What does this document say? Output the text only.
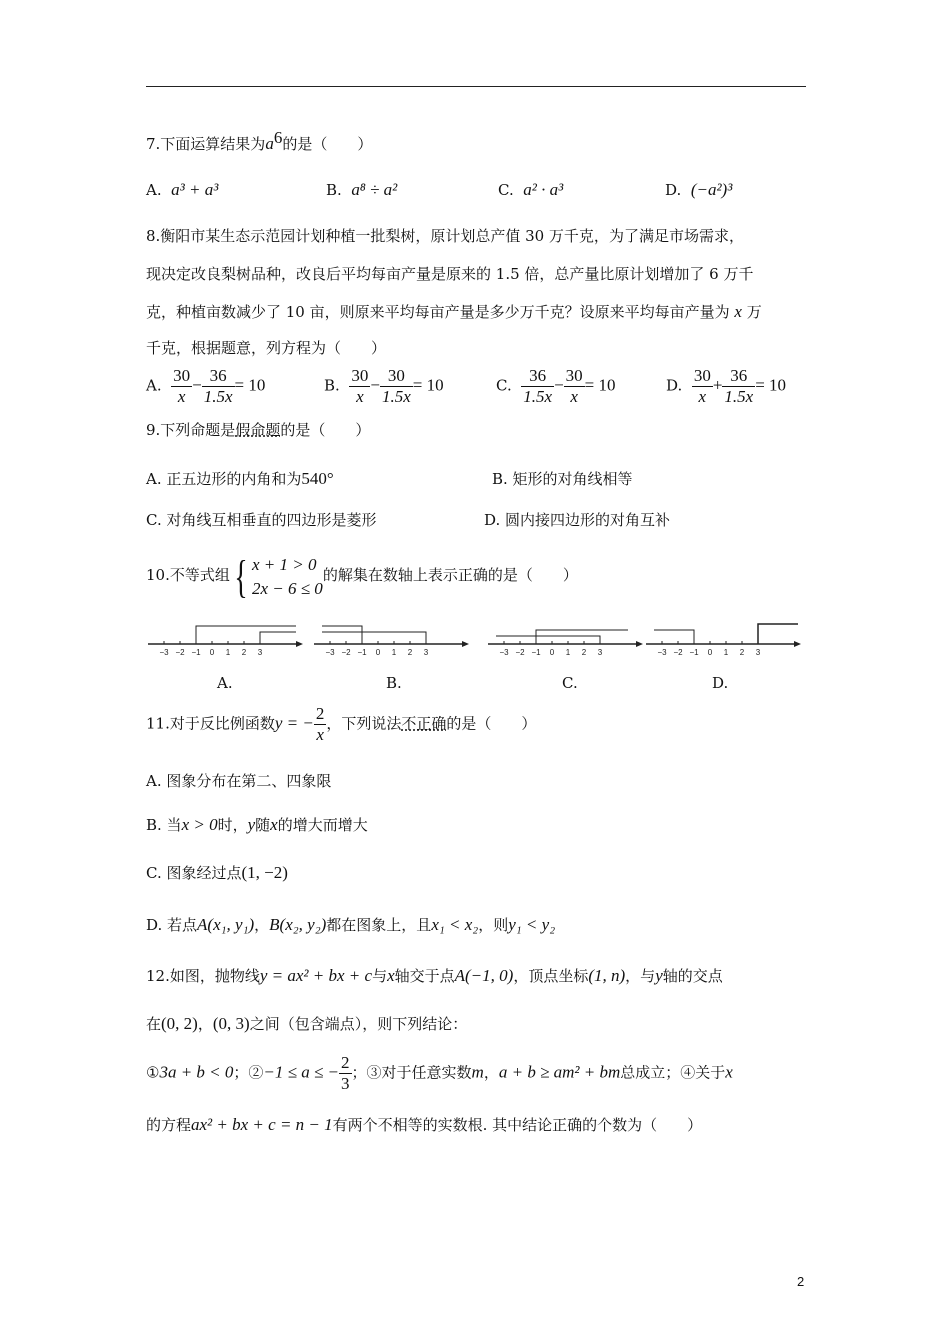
7.下面运算结果为$a^6$的是（　　）
A. a³ + a³	B. a⁸ ÷ a²	C. a² · a³	D. (−a²)³
8.衡阳市某生态示范园计划种植一批梨树，原计划总产值 30 万千克，为了满足市场需求，
现决定改良梨树品种，改良后平均每亩产量是原来的 1.5 倍，总产量比原计划增加了 6 万千
克，种植亩数减少了 10 亩，则原来平均每亩产量是多少万千克？设原来平均每亩产量为 x 万
千克，根据题意，列方程为（　　）
A. $\frac{30}{x} - \frac{36}{1.5x} = 10$	B. $\frac{30}{x} - \frac{30}{1.5x} = 10$	C. $\frac{36}{1.5x} - \frac{30}{x} = 10$	D. $\frac{30}{x} + \frac{36}{1.5x} = 10$
9.下列命题是假命题的是（　　）
A. 正五边形的内角和为540°	B. 矩形的对角线相等
C. 对角线互相垂直的四边形是菱形	D. 圆内接四边形的对角互补
10.不等式组{ x + 1 > 0
2x − 6 ≤ 0
的解集在数轴上表示正确的是（　　）
−3 −2 −1 0 1 2 3	−3 −2 −1 0 1 2 3	−3 −2 −1 0 1 2 3	−3 −2 −1 0 1 2 3
A.	B.	C.	D.
11.对于反比例函数y = − $\frac{2}{x}$ ，下列说法不正确的是（　　）
A. 图象分布在第二、四象限
B. 当x > 0时，y随x的增大而增大
C. 图象经过点(1, −2)
D. 若点A(x₁, y₁)，B(x₂, y₂)都在图象上，且x₁ < x₂，则y₁ < y₂
12.如图，抛物线y = ax² + bx + c与x轴交于点A(−1, 0)，顶点坐标(1, n)，与y轴的交点
在(0, 2)，(0, 3)之间（包含端点），则下列结论：
①3a + b < 0；②−1 ≤ a ≤ − $\frac{2}{3}$ ；③对于任意实数m，a + b ≥ am² + bm总成立；④关于x
的方程ax² + bx + c = n − 1有两个不相等的实数根. 其中结论正确的个数为（　　）
2
